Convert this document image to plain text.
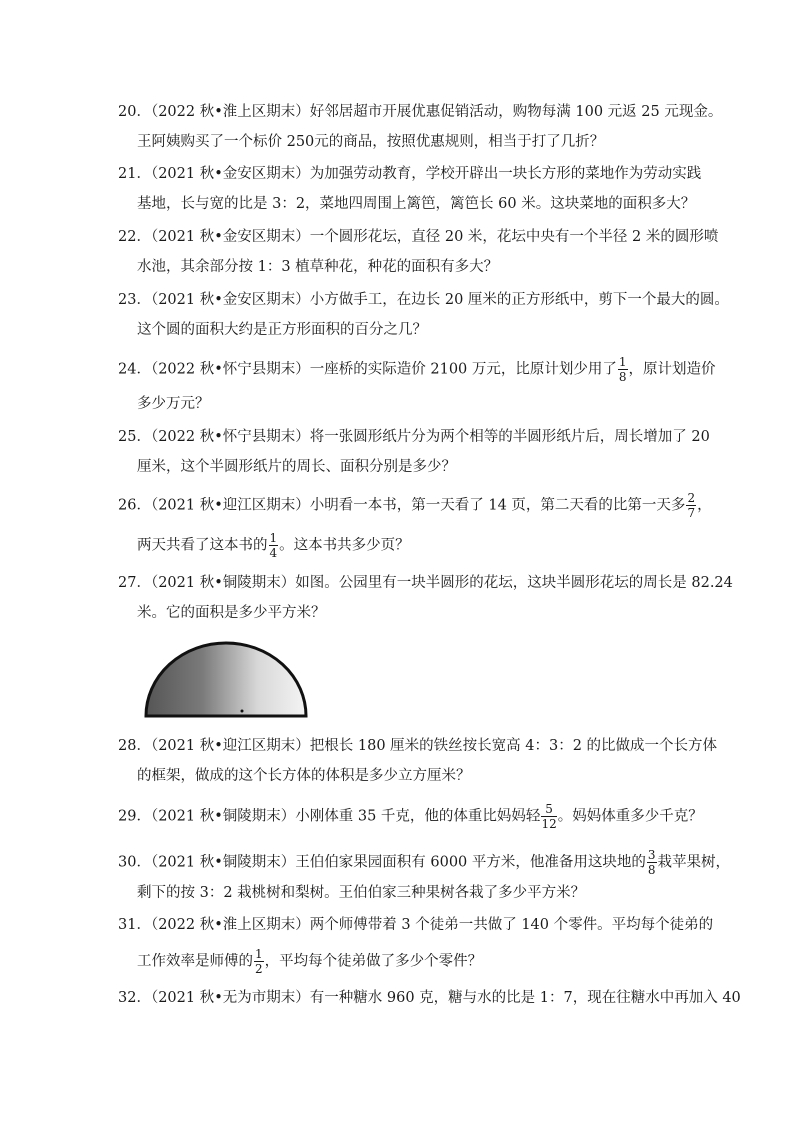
20．（2022 秋•淮上区期末）好邻居超市开展优惠促销活动，购物每满 100 元返 25 元现金。
王阿姨购买了一个标价 250元的商品，按照优惠规则，相当于打了几折？
21．（2021 秋•金安区期末）为加强劳动教育，学校开辟出一块长方形的菜地作为劳动实践
基地，长与宽的比是 3：2，菜地四周围上篱笆，篱笆长 60 米。这块菜地的面积多大？
22．（2021 秋•金安区期末）一个圆形花坛，直径 20 米，花坛中央有一个半径 2 米的圆形喷
水池，其余部分按 1：3 植草种花，种花的面积有多大？
23．（2021 秋•金安区期末）小方做手工，在边长 20 厘米的正方形纸中，剪下一个最大的圆。
这个圆的面积大约是正方形面积的百分之几？
24．（2022 秋•怀宁县期末）一座桥的实际造价 2100 万元，比原计划少用了 $\frac{1}{8}$ ，原计划造价
多少万元？
25．（2022 秋•怀宁县期末）将一张圆形纸片分为两个相等的半圆形纸片后，周长增加了 20
厘米，这个半圆形纸片的周长、面积分别是多少？
26．（2021 秋•迎江区期末）小明看一本书，第一天看了 14 页，第二天看的比第一天多 $\frac{2}{7}$ ，
两天共看了这本书的 $\frac{1}{4}$ 。这本书共多少页？
27．（2021 秋•铜陵期末）如图。公园里有一块半圆形的花坛，这块半圆形花坛的周长是 82.24
米。它的面积是多少平方米？
28．（2021 秋•迎江区期末）把根长 180 厘米的铁丝按长宽高 4：3：2 的比做成一个长方体
的框架，做成的这个长方体的体积是多少立方厘米？
29．（2021 秋•铜陵期末）小刚体重 35 千克，他的体重比妈妈轻 $\frac{5}{12}$ 。妈妈体重多少千克？
30．（2021 秋•铜陵期末）王伯伯家果园面积有 6000 平方米，他准备用这块地的 $\frac{3}{8}$ 栽苹果树，
剩下的按 3：2 栽桃树和梨树。王伯伯家三种果树各栽了多少平方米？
31．（2022 秋•淮上区期末）两个师傅带着 3 个徒弟一共做了 140 个零件。平均每个徒弟的
工作效率是师傅的 $\frac{1}{2}$ ，平均每个徒弟做了多少个零件？
32．（2021 秋•无为市期末）有一种糖水 960 克，糖与水的比是 1：7，现在往糖水中再加入 40
